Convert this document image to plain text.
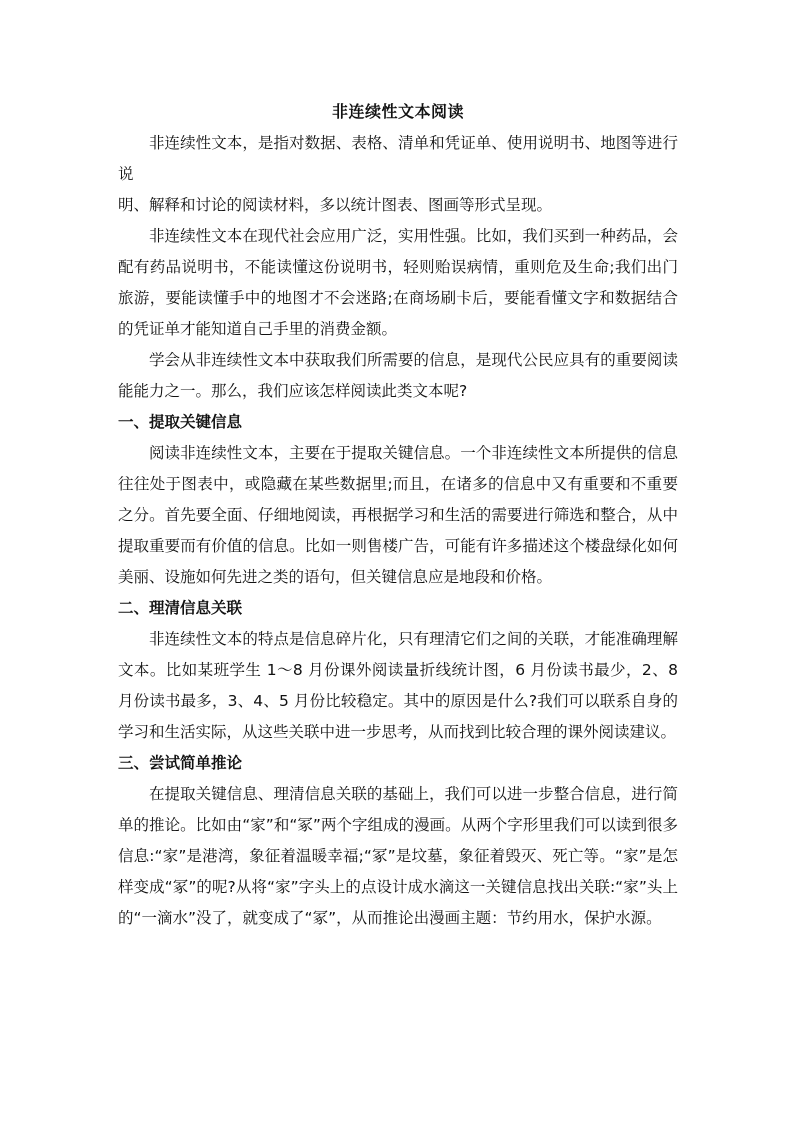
非连续性文本阅读

非连续性文本，是指对数据、表格、清单和凭证单、使用说明书、地图等进行说

明、解释和讨论的阅读材料，多以统计图表、图画等形式呈现。

非连续性文本在现代社会应用广泛，实用性强。比如，我们买到一种药品，会配有药品说明书，不能读懂这份说明书，轻则贻误病情，重则危及生命;我们出门旅游，要能读懂手中的地图才不会迷路;在商场刷卡后，要能看懂文字和数据结合的凭证单才能知道自己手里的消费金额。

学会从非连续性文本中获取我们所需要的信息，是现代公民应具有的重要阅读能能力之一。那么，我们应该怎样阅读此类文本呢?

一、提取关键信息

阅读非连续性文本，主要在于提取关键信息。一个非连续性文本所提供的信息往往处于图表中，或隐藏在某些数据里;而且，在诸多的信息中又有重要和不重要之分。首先要全面、仔细地阅读，再根据学习和生活的需要进行筛选和整合，从中提取重要而有价值的信息。比如一则售楼广告，可能有许多描述这个楼盘绿化如何美丽、设施如何先进之类的语句，但关键信息应是地段和价格。

二、理清信息关联

非连续性文本的特点是信息碎片化，只有理清它们之间的关联，才能准确理解文本。比如某班学生 1～8 月份课外阅读量折线统计图，6 月份读书最少，2、8 月份读书最多，3、4、5 月份比较稳定。其中的原因是什么?我们可以联系自身的学习和生活实际，从这些关联中进一步思考，从而找到比较合理的课外阅读建议。

三、尝试简单推论

在提取关键信息、理清信息关联的基础上，我们可以进一步整合信息，进行简单的推论。比如由“家”和“冢”两个字组成的漫画。从两个字形里我们可以读到很多信息:“家”是港湾，象征着温暖幸福;“冢”是坟墓，象征着毁灭、死亡等。“家”是怎样变成“冢”的呢?从将“家”字头上的点设计成水滴这一关键信息找出关联:“家”头上的“一滴水”没了，就变成了“冢”，从而推论出漫画主题：节约用水，保护水源。
